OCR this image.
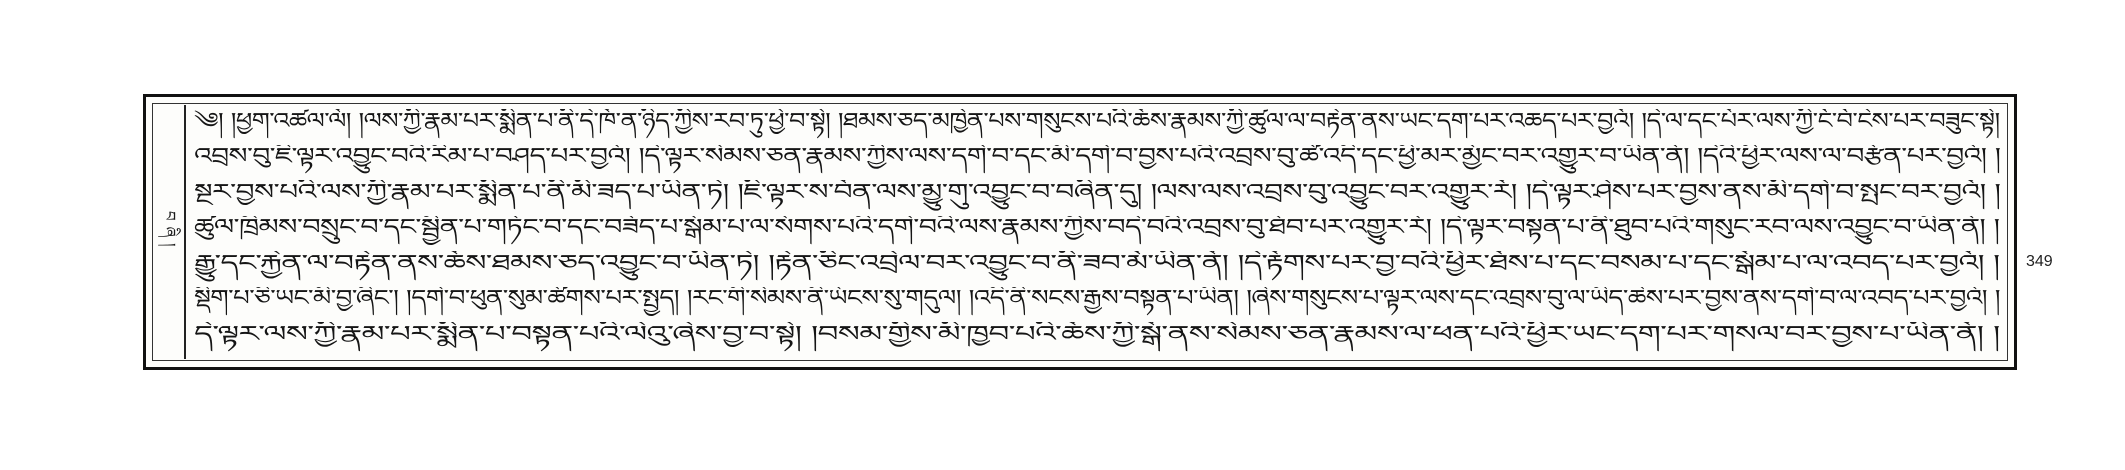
བཞི།
༄། །ཕྱག་འཚལ་ལོ། །ལས་ཀྱི་རྣམ་པར་སྨིན་པ་ནི་དེ་ཁོ་ན་ཉིད་ཀྱིས་རབ་ཏུ་ཕྱེ་བ་སྟེ། །ཐམས་ཅད་མཁྱེན་པས་གསུངས་པའི་ཆོས་རྣམས་ཀྱི་ཚུལ་ལ་བརྟེན་ནས་ཡང་དག་པར་འཆད་པར་བྱའོ། །དེ་ལ་དང་པོར་ལས་ཀྱི་ངོ་བོ་ངེས་པར་བཟུང་སྟེ།
འབྲས་བུ་ཇི་ལྟར་འབྱུང་བའི་རིམ་པ་བཤད་པར་བྱའོ། །དེ་ལྟར་སེམས་ཅན་རྣམས་ཀྱིས་ལས་དགེ་བ་དང་མི་དགེ་བ་བྱས་པའི་འབྲས་བུ་ཚེ་འདི་དང་ཕྱི་མར་མྱོང་བར་འགྱུར་བ་ཡིན་ནོ། །དེའི་ཕྱིར་ལས་ལ་བརྩོན་པར་བྱའོ། །
སྔར་བྱས་པའི་ལས་ཀྱི་རྣམ་པར་སྨིན་པ་ནི་མི་ཟད་པ་ཡིན་ཏེ། །ཇི་ལྟར་ས་བོན་ལས་མྱུ་གུ་འབྱུང་བ་བཞིན་དུ། །ལས་ལས་འབྲས་བུ་འབྱུང་བར་འགྱུར་རོ། །དེ་ལྟར་ཤེས་པར་བྱས་ནས་མི་དགེ་བ་སྤང་བར་བྱའོ། །
ཚུལ་ཁྲིམས་བསྲུང་བ་དང་སྦྱིན་པ་གཏོང་བ་དང་བཟོད་པ་སྒོམ་པ་ལ་སོགས་པའི་དགེ་བའི་ལས་རྣམས་ཀྱིས་བདེ་བའི་འབྲས་བུ་ཐོབ་པར་འགྱུར་རོ། །དེ་ལྟར་བསྟན་པ་ནི་ཐུབ་པའི་གསུང་རབ་ལས་འབྱུང་བ་ཡིན་ནོ། །
རྒྱུ་དང་རྐྱེན་ལ་བརྟེན་ནས་ཆོས་ཐམས་ཅད་འབྱུང་བ་ཡིན་ཏེ། །རྟེན་ཅིང་འབྲེལ་བར་འབྱུང་བ་ནི་ཟབ་མོ་ཡིན་ནོ། །དེ་རྟོགས་པར་བྱ་བའི་ཕྱིར་ཐོས་པ་དང་བསམ་པ་དང་སྒོམ་པ་ལ་འབད་པར་བྱའོ། །
སྡིག་པ་ཅི་ཡང་མི་བྱ་ཞིང་། །དགེ་བ་ཕུན་སུམ་ཚོགས་པར་སྤྱད། །རང་གི་སེམས་ནི་ཡོངས་སུ་གདུལ། །འདི་ནི་སངས་རྒྱས་བསྟན་པ་ཡིན། །ཞེས་གསུངས་པ་ལྟར་ལས་དང་འབྲས་བུ་ལ་ཡིད་ཆེས་པར་བྱས་ནས་དགེ་བ་ལ་འབད་པར་བྱའོ། །
དེ་ལྟར་ལས་ཀྱི་རྣམ་པར་སྨིན་པ་བསྟན་པའི་ལེའུ་ཞེས་བྱ་བ་སྟེ། །བསམ་གྱིས་མི་ཁྱབ་པའི་ཆོས་ཀྱི་སྒོ་ནས་སེམས་ཅན་རྣམས་ལ་ཕན་པའི་ཕྱིར་ཡང་དག་པར་གསལ་བར་བྱས་པ་ཡིན་ནོ། །
349
